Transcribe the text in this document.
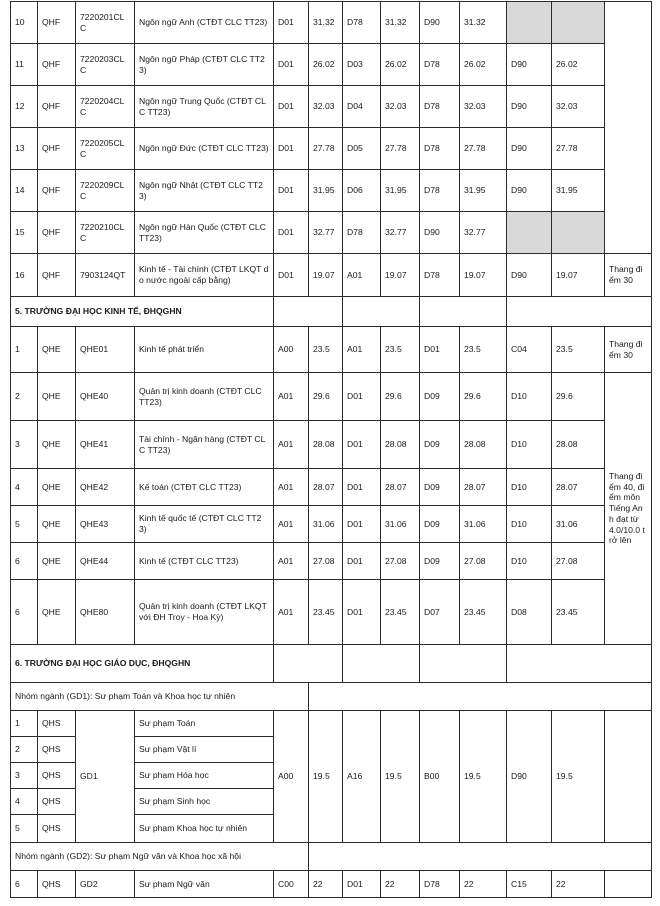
10	QHF	7220201CLC	Ngôn ngữ Anh (CTĐT CLC TT23)	D01	31.32	D78	31.32	D90	31.32			
11	QHF	7220203CLC	Ngôn ngữ Pháp (CTĐT CLC TT23)	D01	26.02	D03	26.02	D78	26.02	D90	26.02	
12	QHF	7220204CLC	Ngôn ngữ Trung Quốc (CTĐT CLC TT23)	D01	32.03	D04	32.03	D78	32.03	D90	32.03	
13	QHF	7220205CLC	Ngôn ngữ Đức (CTĐT CLC TT23)	D01	27.78	D05	27.78	D78	27.78	D90	27.78	
14	QHF	7220209CLC	Ngôn ngữ Nhật (CTĐT CLC TT23)	D01	31.95	D06	31.95	D78	31.95	D90	31.95	
15	QHF	7220210CLC	Ngôn ngữ Hàn Quốc (CTĐT CLC TT23)	D01	32.77	D78	32.77	D90	32.77			
16	QHF	7903124QT	Kinh tế - Tài chính (CTĐT LKQT do nước ngoài cấp bằng)	D01	19.07	A01	19.07	D78	19.07	D90	19.07	Thang điểm 30
5. TRƯỜNG ĐẠI HỌC KINH TẾ, ĐHQGHN												
1	QHE	QHE01	Kinh tế phát triển	A00	23.5	A01	23.5	D01	23.5	C04	23.5	Thang điểm 30
2	QHE	QHE40	Quản trị kinh doanh (CTĐT CLC TT23)	A01	29.6	D01	29.6	D09	29.6	D10	29.6	Thang điểm 40, điểm môn Tiếng Anh đạt từ 4.0/10.0 trở lên
3	QHE	QHE41	Tài chính - Ngân hàng (CTĐT CLC TT23)	A01	28.08	D01	28.08	D09	28.08	D10	28.08	
4	QHE	QHE42	Kế toán (CTĐT CLC TT23)	A01	28.07	D01	28.07	D09	28.07	D10	28.07	
5	QHE	QHE43	Kinh tế quốc tế (CTĐT CLC TT23)	A01	31.06	D01	31.06	D09	31.06	D10	31.06	
6	QHE	QHE44	Kinh tế (CTĐT CLC TT23)	A01	27.08	D01	27.08	D09	27.08	D10	27.08	
6	QHE	QHE80	Quản trị kinh doanh (CTĐT LKQT với ĐH Troy - Hoa Kỳ)	A01	23.45	D01	23.45	D07	23.45	D08	23.45	
6. TRƯỜNG ĐẠI HỌC GIÁO DỤC, ĐHQGHN												
Nhóm ngành (GD1): Sư phạm Toán và Khoa học tự nhiên												
1	QHS	GD1	Sư phạm Toán	A00	19.5	A16	19.5	B00	19.5	D90	19.5	
2	QHS		Sư phạm Vật lí									
3	QHS		Sư phạm Hóa học									
4	QHS		Sư phạm Sinh học									
5	QHS		Sư phạm Khoa học tự nhiên									
Nhóm ngành (GD2): Sư phạm Ngữ văn và Khoa học xã hội												
6	QHS	GD2	Sư phạm Ngữ văn	C00	22	D01	22	D78	22	C15	22	
